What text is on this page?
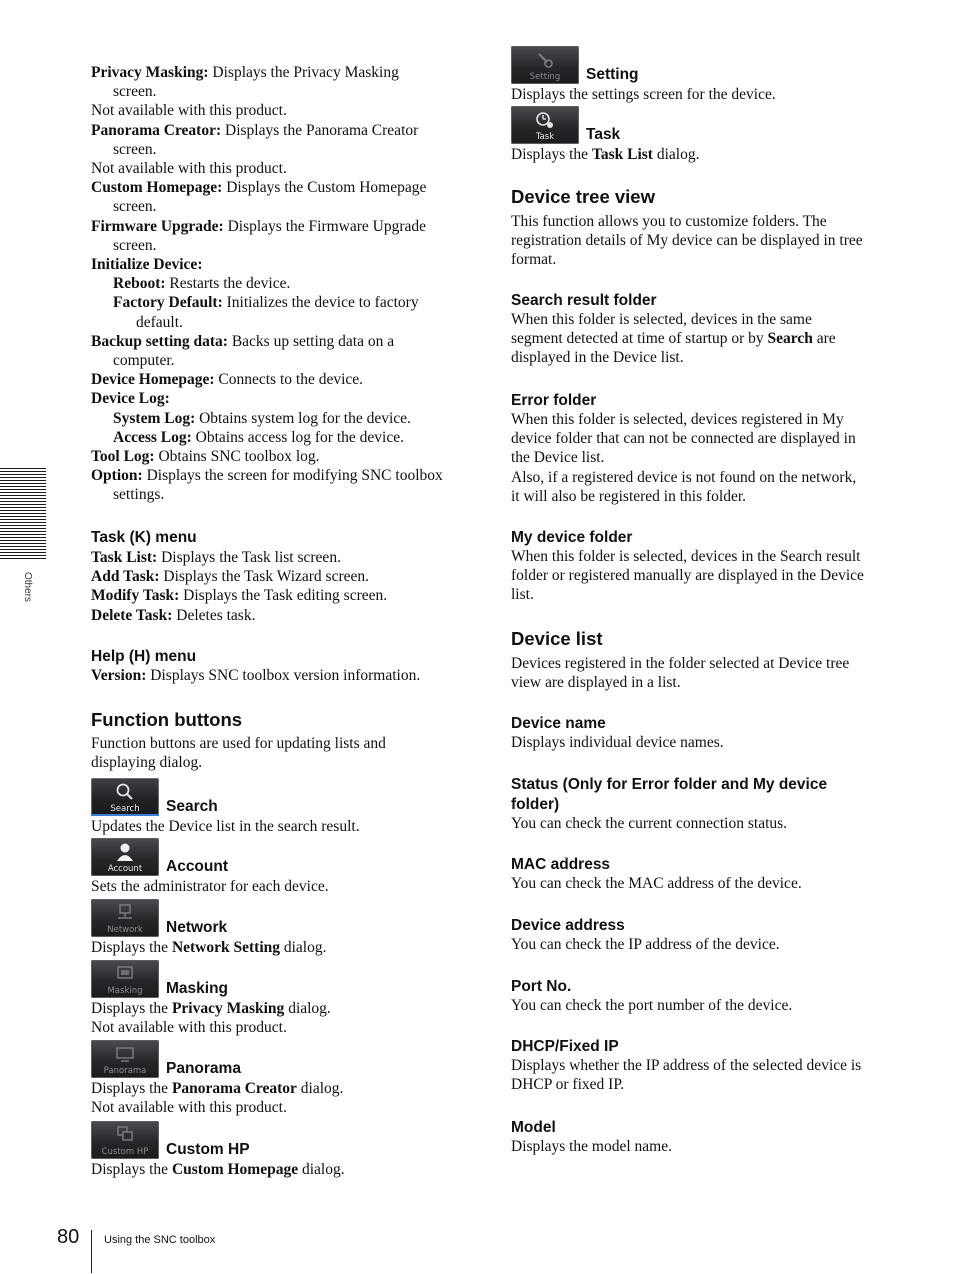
Others
Privacy Masking: Displays the Privacy Masking
screen.
Not available with this product.
Panorama Creator: Displays the Panorama Creator
screen.
Not available with this product.
Custom Homepage: Displays the Custom Homepage
screen.
Firmware Upgrade: Displays the Firmware Upgrade
screen.
Initialize Device:
Reboot: Restarts the device.
Factory Default: Initializes the device to factory
default.
Backup setting data: Backs up setting data on a
computer.
Device Homepage: Connects to the device.
Device Log:
System Log: Obtains system log for the device.
Access Log: Obtains access log for the device.
Tool Log: Obtains SNC toolbox log.
Option: Displays the screen for modifying SNC toolbox
settings.
Task (K) menu
Task List: Displays the Task list screen.
Add Task: Displays the Task Wizard screen.
Modify Task: Displays the Task editing screen.
Delete Task: Deletes task.
Help (H) menu
Version: Displays SNC toolbox version information.
Function buttons
Function buttons are used for updating lists and
displaying dialog.
Search	Search
Updates the Device list in the search result.
Account	Account
Sets the administrator for each device.
Network	Network
Displays the Network Setting dialog.
Masking	Masking
Displays the Privacy Masking dialog.
Not available with this product.
Panorama	Panorama
Displays the Panorama Creator dialog.
Not available with this product.
Custom HP	Custom HP
Displays the Custom Homepage dialog.
Setting	Setting
Displays the settings screen for the device.
Task	Task
Displays the Task List dialog.
Device tree view
This function allows you to customize folders. The
registration details of My device can be displayed in tree
format.
Search result folder
When this folder is selected, devices in the same
segment detected at time of startup or by Search are
displayed in the Device list.
Error folder
When this folder is selected, devices registered in My
device folder that can not be connected are displayed in
the Device list.
Also, if a registered device is not found on the network,
it will also be registered in this folder.
My device folder
When this folder is selected, devices in the Search result
folder or registered manually are displayed in the Device
list.
Device list
Devices registered in the folder selected at Device tree
view are displayed in a list.
Device name
Displays individual device names.
Status (Only for Error folder and My device
folder)
You can check the current connection status.
MAC address
You can check the MAC address of the device.
Device address
You can check the IP address of the device.
Port No.
You can check the port number of the device.
DHCP/Fixed IP
Displays whether the IP address of the selected device is
DHCP or fixed IP.
Model
Displays the model name.
80 Using the SNC toolbox
